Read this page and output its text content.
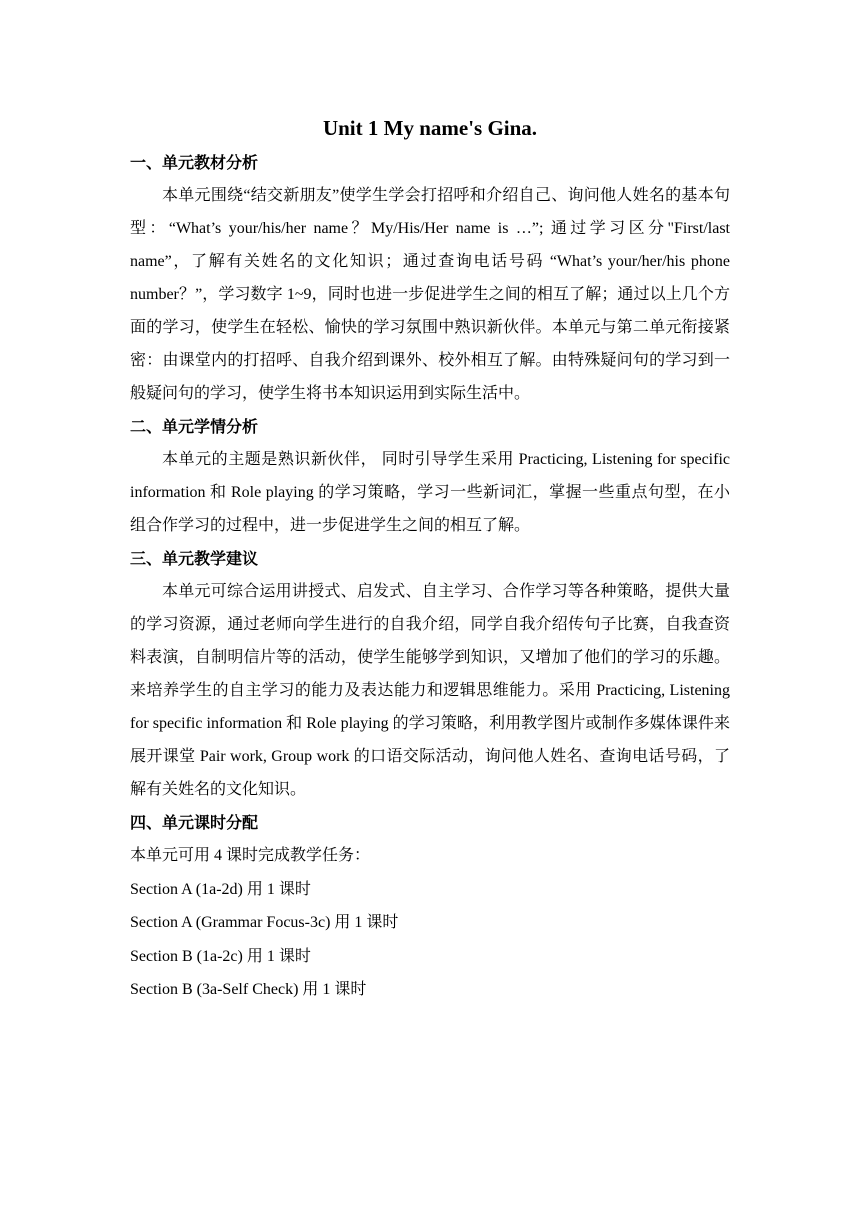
Unit 1 My name's Gina.
一、单元教材分析

本单元围绕“结交新朋友”使学生学会打招呼和介绍自己、询问他人姓名的基本句型：“What’s your/his/her name？My/His/Her name is …”; 通过学习区分"First/last name”，了解有关姓名的文化知识；通过查询电话号码 “What’s your/her/his phone number？”，学习数字 1~9，同时也进一步促进学生之间的相互了解；通过以上几个方面的学习，使学生在轻松、愉快的学习氛围中熟识新伙伴。本单元与第二单元衔接紧密：由课堂内的打招呼、自我介绍到课外、校外相互了解。由特殊疑问句的学习到一般疑问句的学习，使学生将书本知识运用到实际生活中。

二、单元学情分析

本单元的主题是熟识新伙伴， 同时引导学生采用 Practicing, Listening for specific information 和 Role playing 的学习策略，学习一些新词汇，掌握一些重点句型，在小组合作学习的过程中，进一步促进学生之间的相互了解。

三、单元教学建议

本单元可综合运用讲授式、启发式、自主学习、合作学习等各种策略，提供大量的学习资源，通过老师向学生进行的自我介绍，同学自我介绍传句子比赛，自我查资料表演，自制明信片等的活动，使学生能够学到知识，又增加了他们的学习的乐趣。来培养学生的自主学习的能力及表达能力和逻辑思维能力。采用 Practicing, Listening for specific information 和 Role playing 的学习策略，利用教学图片或制作多媒体课件来展开课堂 Pair work, Group work 的口语交际活动，询问他人姓名、查询电话号码，了解有关姓名的文化知识。

四、单元课时分配

本单元可用 4 课时完成教学任务：

Section A (1a-2d) 用 1 课时

Section A (Grammar Focus-3c) 用 1 课时

Section B (1a-2c) 用 1 课时

Section B (3a-Self Check) 用 1 课时
